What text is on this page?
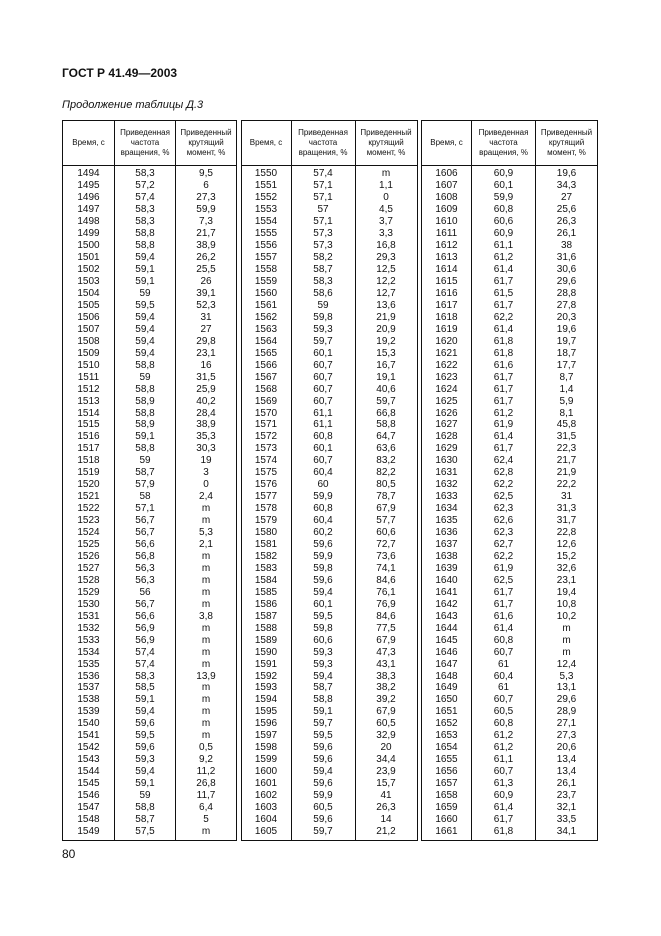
ГОСТ Р 41.49—2003
Продолжение таблицы Д.3
Время, с	Приведенная частота вращения, %	Приведенный крутящий момент, %
1494	58,3	9,5
1495	57,2	6
1496	57,4	27,3
1497	58,3	59,9
1498	58,3	7,3
1499	58,8	21,7
1500	58,8	38,9
1501	59,4	26,2
1502	59,1	25,5
1503	59,1	26
1504	59	39,1
1505	59,5	52,3
1506	59,4	31
1507	59,4	27
1508	59,4	29,8
1509	59,4	23,1
1510	58,8	16
1511	59	31,5
1512	58,8	25,9
1513	58,9	40,2
1514	58,8	28,4
1515	58,9	38,9
1516	59,1	35,3
1517	58,8	30,3
1518	59	19
1519	58,7	3
1520	57,9	0
1521	58	2,4
1522	57,1	m
1523	56,7	m
1524	56,7	5,3
1525	56,6	2,1
1526	56,8	m
1527	56,3	m
1528	56,3	m
1529	56	m
1530	56,7	m
1531	56,6	3,8
1532	56,9	m
1533	56,9	m
1534	57,4	m
1535	57,4	m
1536	58,3	13,9
1537	58,5	m
1538	59,1	m
1539	59,4	m
1540	59,6	m
1541	59,5	m
1542	59,6	0,5
1543	59,3	9,2
1544	59,4	11,2
1545	59,1	26,8
1546	59	11,7
1547	58,8	6,4
1548	58,7	5
1549	57,5	m
Время, с	Приведенная частота вращения, %	Приведенный крутящий момент, %
1550	57,4	m
1551	57,1	1,1
1552	57,1	0
1553	57	4,5
1554	57,1	3,7
1555	57,3	3,3
1556	57,3	16,8
1557	58,2	29,3
1558	58,7	12,5
1559	58,3	12,2
1560	58,6	12,7
1561	59	13,6
1562	59,8	21,9
1563	59,3	20,9
1564	59,7	19,2
1565	60,1	15,3
1566	60,7	16,7
1567	60,7	19,1
1568	60,7	40,6
1569	60,7	59,7
1570	61,1	66,8
1571	61,1	58,8
1572	60,8	64,7
1573	60,1	63,6
1574	60,7	83,2
1575	60,4	82,2
1576	60	80,5
1577	59,9	78,7
1578	60,8	67,9
1579	60,4	57,7
1580	60,2	60,6
1581	59,6	72,7
1582	59,9	73,6
1583	59,8	74,1
1584	59,6	84,6
1585	59,4	76,1
1586	60,1	76,9
1587	59,5	84,6
1588	59,8	77,5
1589	60,6	67,9
1590	59,3	47,3
1591	59,3	43,1
1592	59,4	38,3
1593	58,7	38,2
1594	58,8	39,2
1595	59,1	67,9
1596	59,7	60,5
1597	59,5	32,9
1598	59,6	20
1599	59,6	34,4
1600	59,4	23,9
1601	59,6	15,7
1602	59,9	41
1603	60,5	26,3
1604	59,6	14
1605	59,7	21,2
Время, с	Приведенная частота вращения, %	Приведенный крутящий момент, %
1606	60,9	19,6
1607	60,1	34,3
1608	59,9	27
1609	60,8	25,6
1610	60,6	26,3
1611	60,9	26,1
1612	61,1	38
1613	61,2	31,6
1614	61,4	30,6
1615	61,7	29,6
1616	61,5	28,8
1617	61,7	27,8
1618	62,2	20,3
1619	61,4	19,6
1620	61,8	19,7
1621	61,8	18,7
1622	61,6	17,7
1623	61,7	8,7
1624	61,7	1,4
1625	61,7	5,9
1626	61,2	8,1
1627	61,9	45,8
1628	61,4	31,5
1629	61,7	22,3
1630	62,4	21,7
1631	62,8	21,9
1632	62,2	22,2
1633	62,5	31
1634	62,3	31,3
1635	62,6	31,7
1636	62,3	22,8
1637	62,7	12,6
1638	62,2	15,2
1639	61,9	32,6
1640	62,5	23,1
1641	61,7	19,4
1642	61,7	10,8
1643	61,6	10,2
1644	61,4	m
1645	60,8	m
1646	60,7	m
1647	61	12,4
1648	60,4	5,3
1649	61	13,1
1650	60,7	29,6
1651	60,5	28,9
1652	60,8	27,1
1653	61,2	27,3
1654	61,2	20,6
1655	61,1	13,4
1656	60,7	13,4
1657	61,3	26,1
1658	60,9	23,7
1659	61,4	32,1
1660	61,7	33,5
1661	61,8	34,1
80
